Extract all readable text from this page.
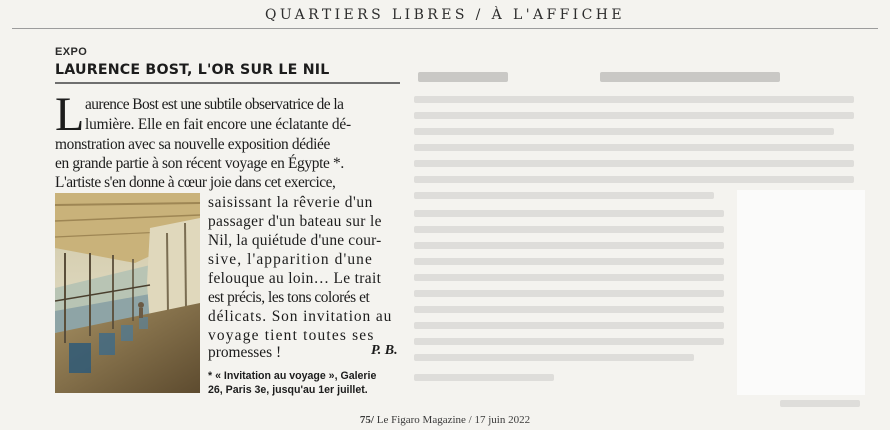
QUARTIERS LIBRES / À L'AFFICHE
EXPO
LAURENCE BOST, L'OR SUR LE NIL
L aurence Bost est une subtile observatrice de la
lumière. Elle en fait encore une éclatante dé-
monstration avec sa nouvelle exposition dédiée
en grande partie à son récent voyage en Égypte *.
L'artiste s'en donne à cœur joie dans cet exercice,
saisissant la rêverie d'un
passager d'un bateau sur le
Nil, la quiétude d'une cour-
sive, l'apparition d'une
felouque au loin… Le trait
est précis, les tons colorés et
délicats. Son invitation au
voyage tient toutes ses
promesses !	P. B.
* « Invitation au voyage », Galerie
26, Paris 3e, jusqu'au 1er juillet.
75/ Le Figaro Magazine / 17 juin 2022
